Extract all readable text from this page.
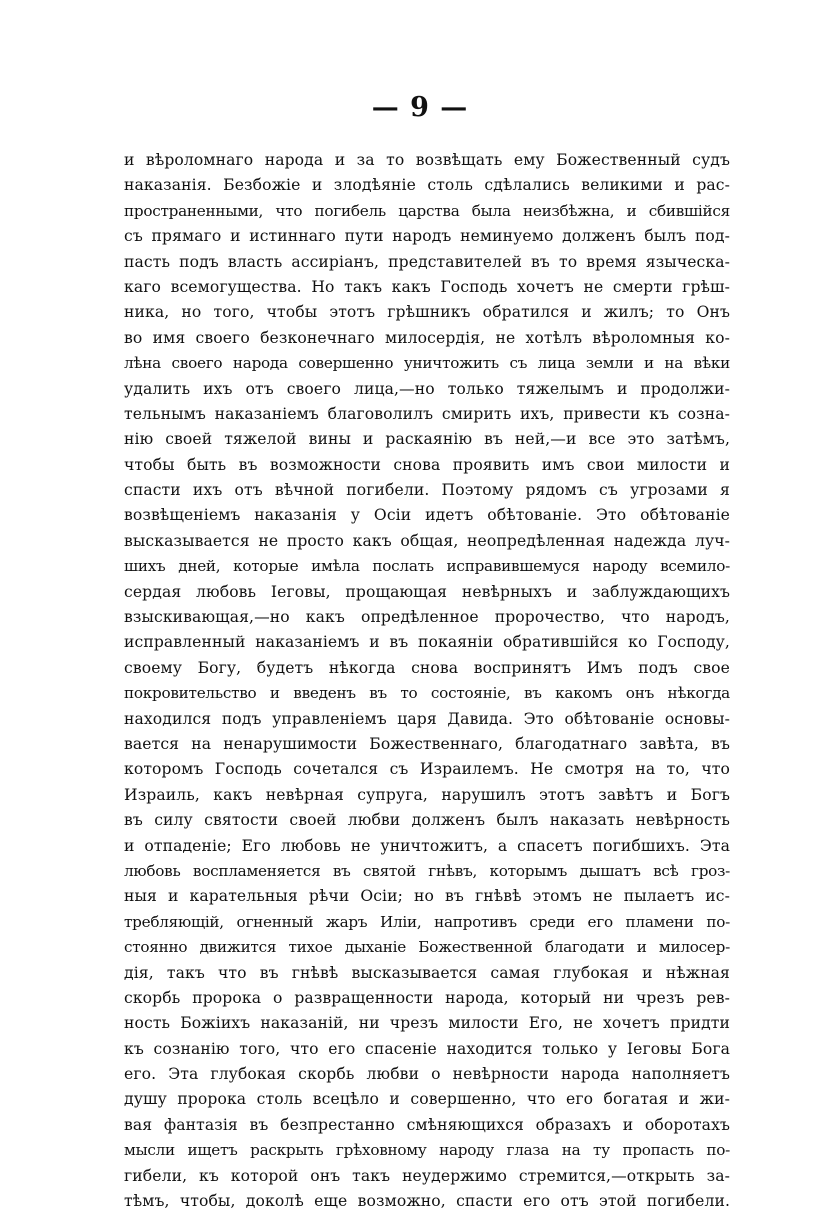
— 9 —
и вѣроломнаго народа и за то возвѣщать ему Божественный судъ
наказанія. Безбожіе и злодѣяніе столь сдѣлались великими и рас-
пространенными, что погибель царства была неизбѣжна, и сбившійся
съ прямаго и истиннаго пути народъ неминуемо долженъ былъ под-
пасть подъ власть ассиріанъ, представителей въ то время языческа-
каго всемогущества. Но такъ какъ Господь хочетъ не смерти грѣш-
ника, но того, чтобы этотъ грѣшникъ обратился и жилъ; то Онъ
во имя своего безконечнаго милосердія, не хотѣлъ вѣроломныя ко-
лѣна своего народа совершенно уничтожить съ лица земли и на вѣки
удалить ихъ отъ своего лица,—но только тяжелымъ и продолжи-
тельнымъ наказаніемъ благоволилъ смирить ихъ, привести къ созна-
нію своей тяжелой вины и раскаянію въ ней,—и все это затѣмъ,
чтобы быть въ возможности снова проявить имъ свои милости и
спасти ихъ отъ вѣчной погибели. Поэтому рядомъ съ угрозами я
возвѣщеніемъ наказанія у Осіи идетъ обѣтованіе. Это обѣтованіе
высказывается не просто какъ общая, неопредѣленная надежда луч-
шихъ дней, которые имѣла послать исправившемуся народу всемило-
сердая любовь Іеговы, прощающая невѣрныхъ и заблуждающихъ
взыскивающая,—но какъ опредѣленное пророчество, что народъ,
исправленный наказаніемъ и въ покаяніи обратившійся ко Господу,
своему Богу, будетъ нѣкогда снова воспринятъ Имъ подъ свое
покровительство и введенъ въ то состояніе, въ какомъ онъ нѣкогда
находился подъ управленіемъ царя Давида. Это обѣтованіе основы-
вается на ненарушимости Божественнаго, благодатнаго завѣта, въ
которомъ Господь сочетался съ Израилемъ. Не смотря на то, что
Израиль, какъ невѣрная супруга, нарушилъ этотъ завѣтъ и Богъ
въ силу святости своей любви долженъ былъ наказать невѣрность
и отпаденіе; Его любовь не уничтожитъ, а спасетъ погибшихъ. Эта
любовь воспламеняется въ святой гнѣвъ, которымъ дышатъ всѣ гроз-
ныя и карательныя рѣчи Осіи; но въ гнѣвѣ этомъ не пылаетъ ис-
требляющій, огненный жаръ Иліи, напротивъ среди его пламени по-
стоянно движится тихое дыханіе Божественной благодати и милосер-
дія, такъ что въ гнѣвѣ высказывается самая глубокая и нѣжная
скорбь пророка о развращенности народа, который ни чрезъ рев-
ность Божіихъ наказаній, ни чрезъ милости Его, не хочетъ придти
къ сознанію того, что его спасеніе находится только у Іеговы Бога
его. Эта глубокая скорбь любви о невѣрности народа наполняетъ
душу пророка столь всецѣло и совершенно, что его богатая и жи-
вая фантазія въ безпрестанно смѣняющихся образахъ и оборотахъ
мысли ищетъ раскрыть грѣховному народу глаза на ту пропасть по-
гибели, къ которой онъ такъ неудержимо стремится,—открыть за-
тѣмъ, чтобы, доколѣ еще возможно, спасти его отъ этой погибели.
